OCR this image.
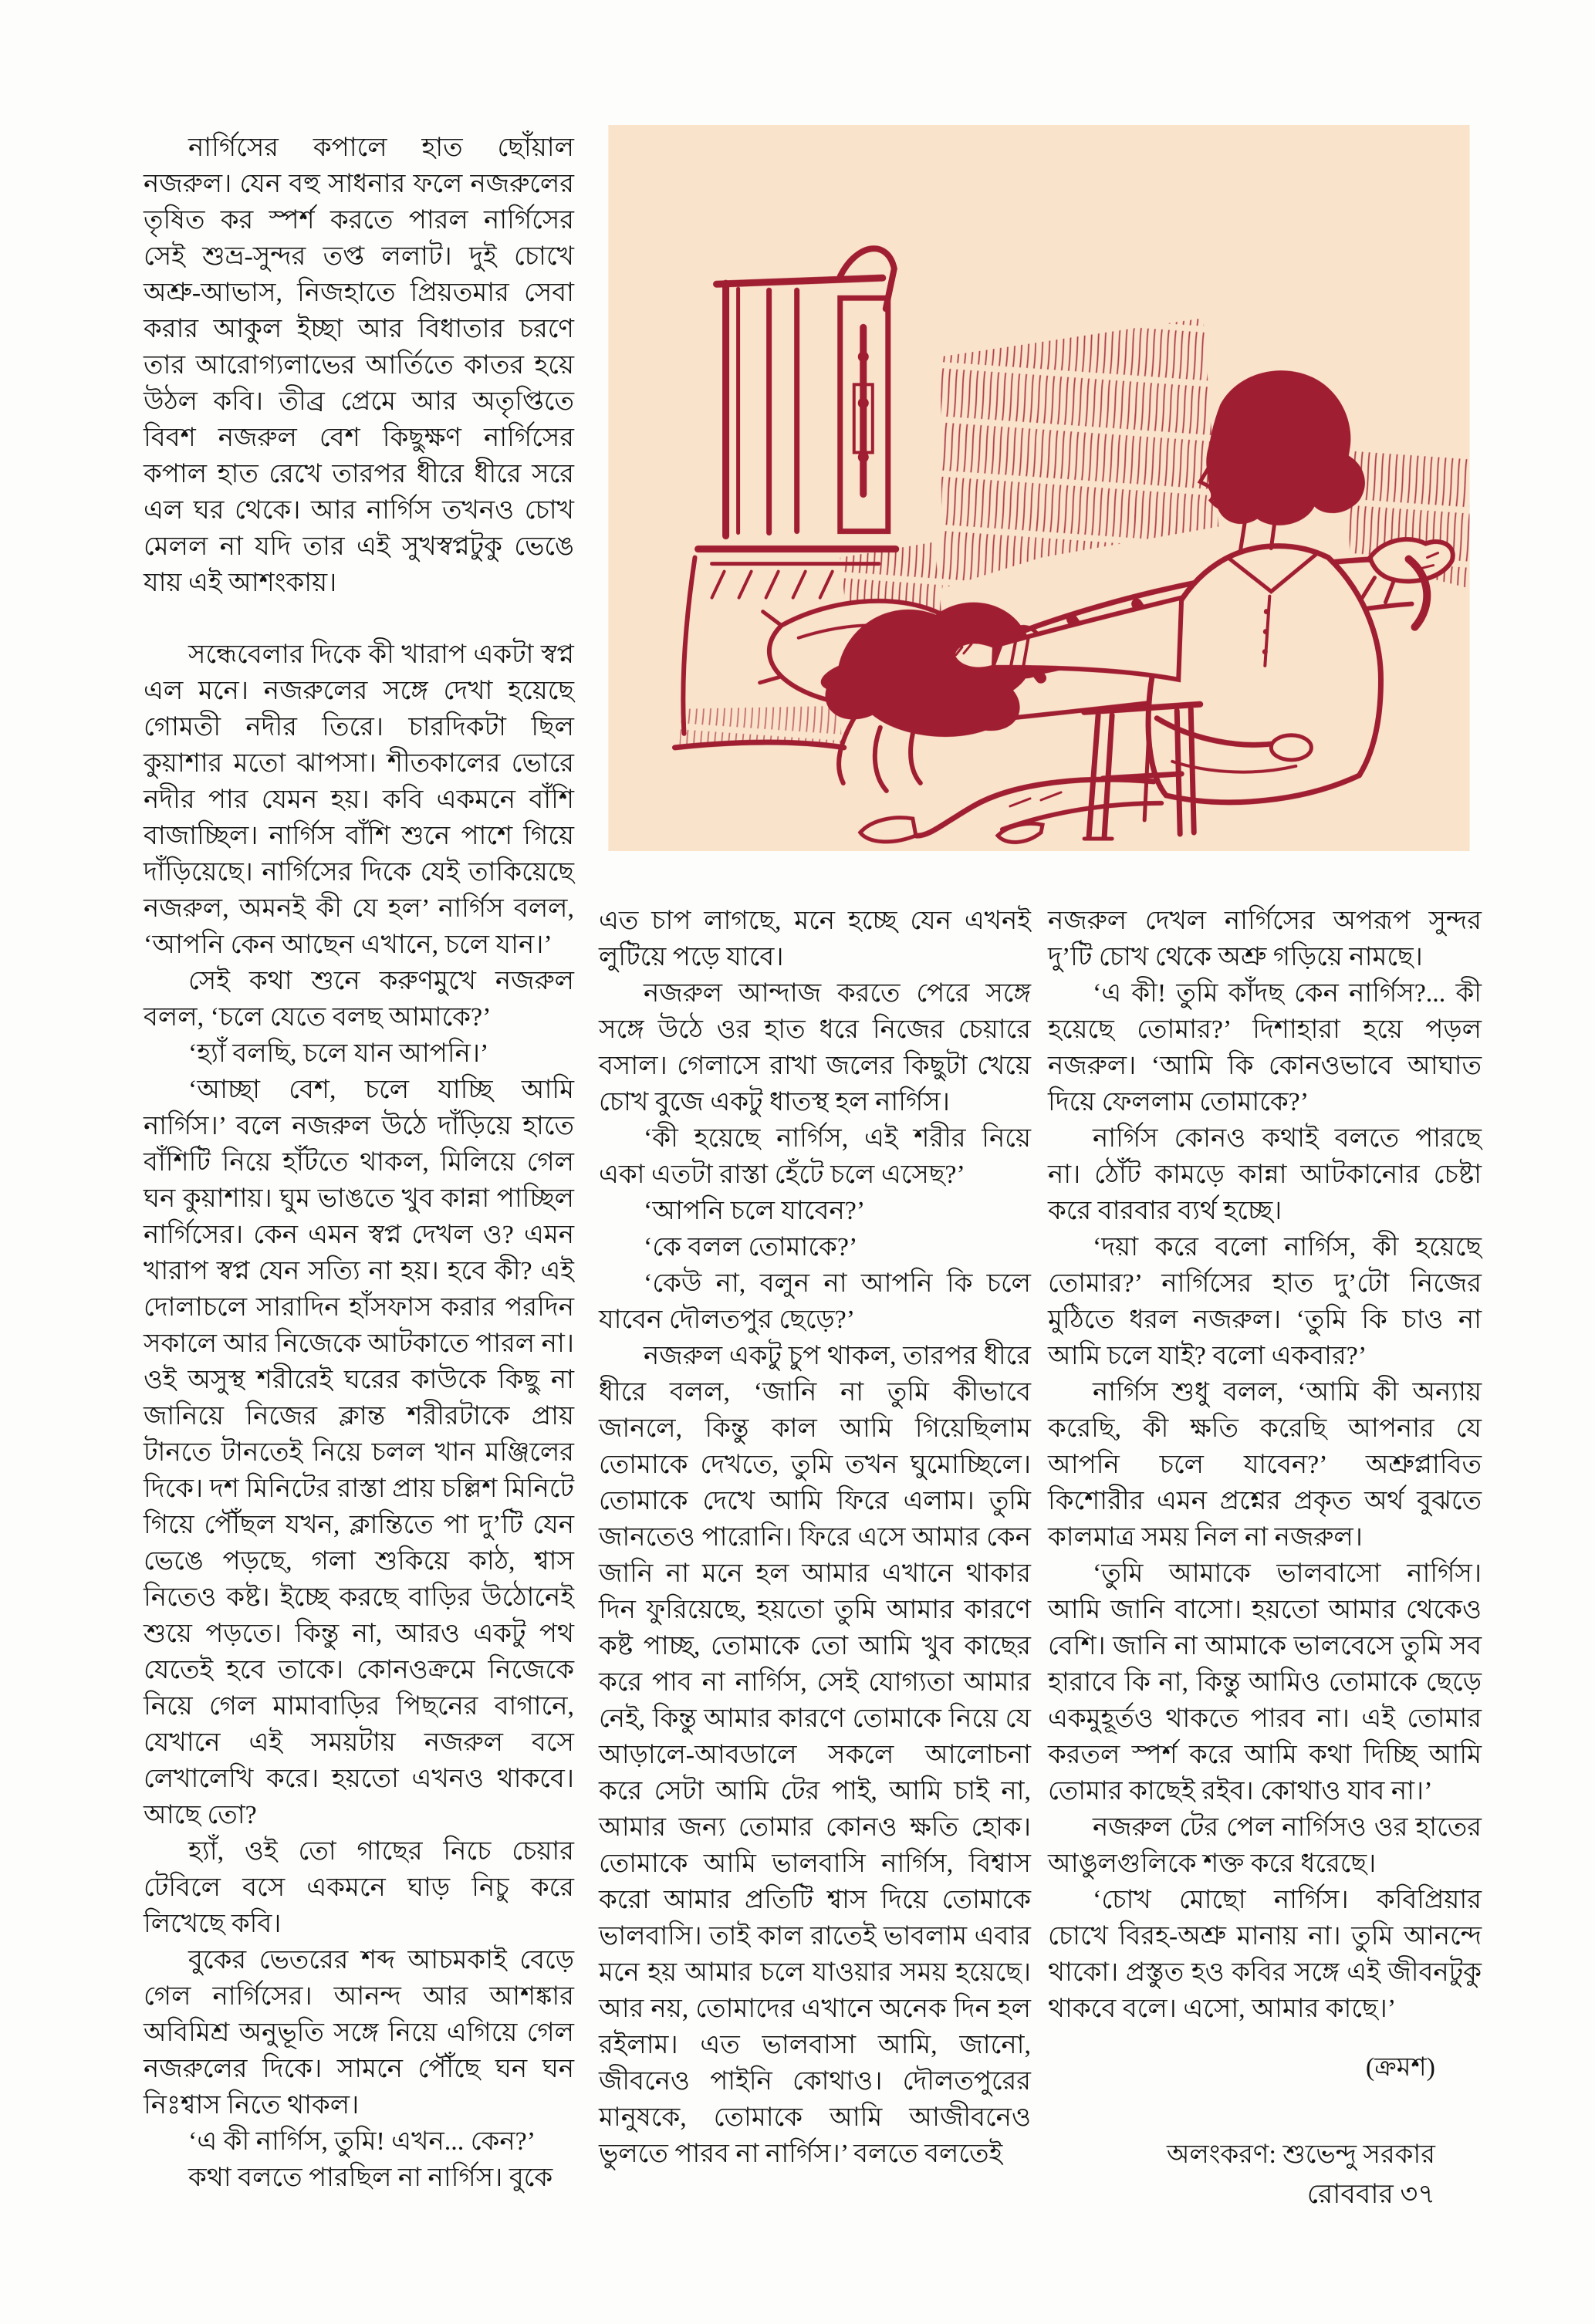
নার্গিসের কপালে হাত ছোঁয়াল নজরুল। যেন বহু সাধনার ফলে নজরুলের তৃষিত কর স্পর্শ করতে পারল নার্গিসের সেই শুভ্র-সুন্দর তপ্ত ললাট। দুই চোখে অশ্রু-আভাস, নিজহাতে প্রিয়তমার সেবা করার আকুল ইচ্ছা আর বিধাতার চরণে তার আরোগ্যলাভের আর্তিতে কাতর হয়ে উঠল কবি। তীব্র প্রেমে আর অতৃপ্তিতে বিবশ নজরুল বেশ কিছুক্ষণ নার্গিসের কপাল হাত রেখে তারপর ধীরে ধীরে সরে এল ঘর থেকে। আর নার্গিস তখনও চোখ মেলল না যদি তার এই সুখস্বপ্নটুকু ভেঙে যায় এই আশংকায়।

সন্ধেবেলার দিকে কী খারাপ একটা স্বপ্ন এল মনে। নজরুলের সঙ্গে দেখা হয়েছে গোমতী নদীর তিরে। চারদিকটা ছিল কুয়াশার মতো ঝাপসা। শীতকালের ভোরে নদীর পার যেমন হয়। কবি একমনে বাঁশি বাজাচ্ছিল। নার্গিস বাঁশি শুনে পাশে গিয়ে দাঁড়িয়েছে। নার্গিসের দিকে যেই তাকিয়েছে নজরুল, অমনই কী যে হল’ নার্গিস বলল, ‘আপনি কেন আছেন এখানে, চলে যান।’

সেই কথা শুনে করুণমুখে নজরুল বলল, ‘চলে যেতে বলছ আমাকে?’

‘হ্যাঁ বলছি, চলে যান আপনি।’

‘আচ্ছা বেশ, চলে যাচ্ছি আমি নার্গিস।’ বলে নজরুল উঠে দাঁড়িয়ে হাতে বাঁশিটি নিয়ে হাঁটতে থাকল, মিলিয়ে গেল ঘন কুয়াশায়। ঘুম ভাঙতে খুব কান্না পাচ্ছিল নার্গিসের। কেন এমন স্বপ্ন দেখল ও? এমন খারাপ স্বপ্ন যেন সত্যি না হয়। হবে কী? এই দোলাচলে সারাদিন হাঁসফাস করার পরদিন সকালে আর নিজেকে আটকাতে পারল না। ওই অসুস্থ শরীরেই ঘরের কাউকে কিছু না জানিয়ে নিজের ক্লান্ত শরীরটাকে প্রায় টানতে টানতেই নিয়ে চলল খান মঞ্জিলের দিকে। দশ মিনিটের রাস্তা প্রায় চল্লিশ মিনিটে গিয়ে পৌঁছল যখন, ক্লান্তিতে পা দু’টি যেন ভেঙে পড়ছে, গলা শুকিয়ে কাঠ, শ্বাস নিতেও কষ্ট। ইচ্ছে করছে বাড়ির উঠোনেই শুয়ে পড়তে। কিন্তু না, আরও একটু পথ যেতেই হবে তাকে। কোনওক্রমে নিজেকে নিয়ে গেল মামাবাড়ির পিছনের বাগানে, যেখানে এই সময়টায় নজরুল বসে লেখালেখি করে। হয়তো এখনও থাকবে। আছে তো?

হ্যাঁ, ওই তো গাছের নিচে চেয়ার টেবিলে বসে একমনে ঘাড় নিচু করে লিখেছে কবি।

বুকের ভেতরের শব্দ আচমকাই বেড়ে গেল নার্গিসের। আনন্দ আর আশঙ্কার অবিমিশ্র অনুভূতি সঙ্গে নিয়ে এগিয়ে গেল নজরুলের দিকে। সামনে পৌঁছে ঘন ঘন নিঃশ্বাস নিতে থাকল।

‘এ কী নার্গিস, তুমি! এখন... কেন?’

কথা বলতে পারছিল না নার্গিস। বুকে

এত চাপ লাগছে, মনে হচ্ছে যেন এখনই লুটিয়ে পড়ে যাবে।

নজরুল আন্দাজ করতে পেরে সঙ্গে সঙ্গে উঠে ওর হাত ধরে নিজের চেয়ারে বসাল। গেলাসে রাখা জলের কিছুটা খেয়ে চোখ বুজে একটু ধাতস্থ হল নার্গিস।

‘কী হয়েছে নার্গিস, এই শরীর নিয়ে একা এতটা রাস্তা হেঁটে চলে এসেছ?’

‘আপনি চলে যাবেন?’

‘কে বলল তোমাকে?’

‘কেউ না, বলুন না আপনি কি চলে যাবেন দৌলতপুর ছেড়ে?’

নজরুল একটু চুপ থাকল, তারপর ধীরে ধীরে বলল, ‘জানি না তুমি কীভাবে জানলে, কিন্তু কাল আমি গিয়েছিলাম তোমাকে দেখতে, তুমি তখন ঘুমোচ্ছিলে। তোমাকে দেখে আমি ফিরে এলাম। তুমি জানতেও পারোনি। ফিরে এসে আমার কেন জানি না মনে হল আমার এখানে থাকার দিন ফুরিয়েছে, হয়তো তুমি আমার কারণে কষ্ট পাচ্ছ, তোমাকে তো আমি খুব কাছের করে পাব না নার্গিস, সেই যোগ্যতা আমার নেই, কিন্তু আমার কারণে তোমাকে নিয়ে যে আড়ালে-আবডালে সকলে আলোচনা করে সেটা আমি টের পাই, আমি চাই না, আমার জন্য তোমার কোনও ক্ষতি হোক। তোমাকে আমি ভালবাসি নার্গিস, বিশ্বাস করো আমার প্রতিটি শ্বাস দিয়ে তোমাকে ভালবাসি। তাই কাল রাতেই ভাবলাম এবার মনে হয় আমার চলে যাওয়ার সময় হয়েছে। আর নয়, তোমাদের এখানে অনেক দিন হল রইলাম। এত ভালবাসা আমি, জানো, জীবনেও পাইনি কোথাও। দৌলতপুরের মানুষকে, তোমাকে আমি আজীবনেও ভুলতে পারব না নার্গিস।’ বলতে বলতেই

নজরুল দেখল নার্গিসের অপরূপ সুন্দর দু’টি চোখ থেকে অশ্রু গড়িয়ে নামছে।

‘এ কী! তুমি কাঁদছ কেন নার্গিস?... কী হয়েছে তোমার?’ দিশাহারা হয়ে পড়ল নজরুল। ‘আমি কি কোনওভাবে আঘাত দিয়ে ফেললাম তোমাকে?’

নার্গিস কোনও কথাই বলতে পারছে না। ঠোঁট কামড়ে কান্না আটকানোর চেষ্টা করে বারবার ব্যর্থ হচ্ছে।

‘দয়া করে বলো নার্গিস, কী হয়েছে তোমার?’ নার্গিসের হাত দু’টো নিজের মুঠিতে ধরল নজরুল। ‘তুমি কি চাও না আমি চলে যাই? বলো একবার?’

নার্গিস শুধু বলল, ‘আমি কী অন্যায় করেছি, কী ক্ষতি করেছি আপনার যে আপনি চলে যাবেন?’ অশ্রুপ্লাবিত কিশোরীর এমন প্রশ্নের প্রকৃত অর্থ বুঝতে কালমাত্র সময় নিল না নজরুল।

‘তুমি আমাকে ভালবাসো নার্গিস। আমি জানি বাসো। হয়তো আমার থেকেও বেশি। জানি না আমাকে ভালবেসে তুমি সব হারাবে কি না, কিন্তু আমিও তোমাকে ছেড়ে একমুহূর্তও থাকতে পারব না। এই তোমার করতল স্পর্শ করে আমি কথা দিচ্ছি আমি তোমার কাছেই রইব। কোথাও যাব না।’

নজরুল টের পেল নার্গিসও ওর হাতের আঙুলগুলিকে শক্ত করে ধরেছে।

‘চোখ মোছো নার্গিস। কবিপ্রিয়ার চোখে বিরহ-অশ্রু মানায় না। তুমি আনন্দে থাকো। প্রস্তুত হও কবির সঙ্গে এই জীবনটুকু থাকবে বলে। এসো, আমার কাছে।’

(ক্রমশ)
অলংকরণ: শুভেন্দু সরকার
রোববার ৩৭
